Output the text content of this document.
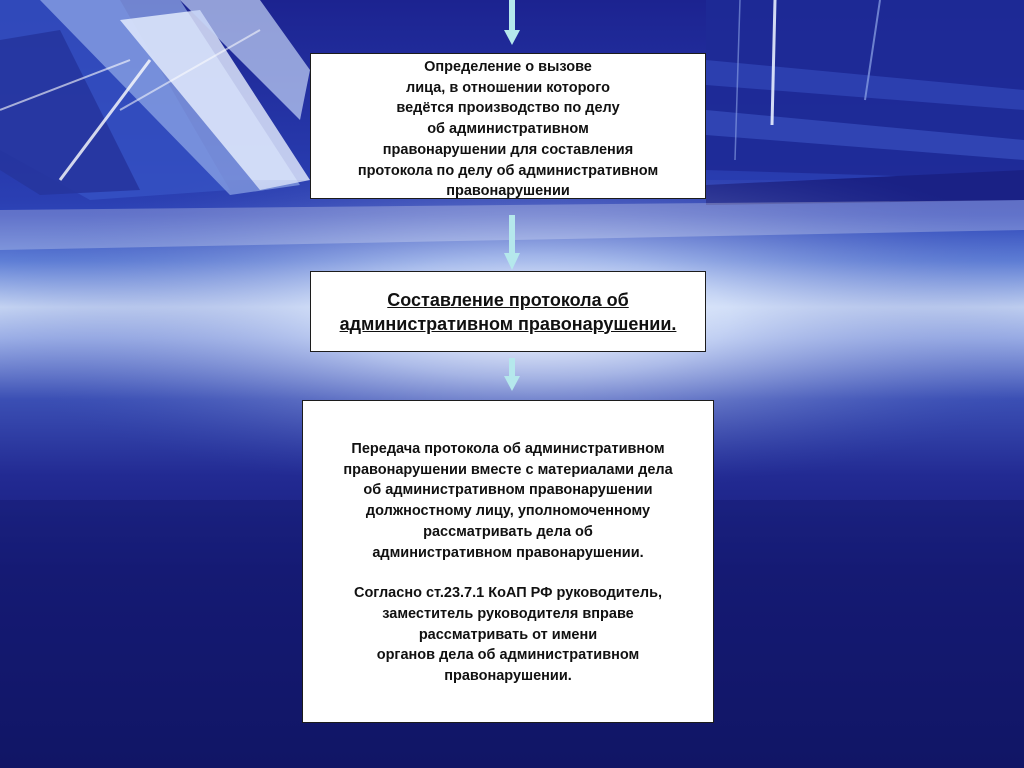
Определение о вызове
лица, в отношении которого
ведётся производство по делу
об административном
правонарушении для составления
протокола по делу об административном
правонарушении
Составление протокола об
административном правонарушении.
Передача протокола об административном
правонарушении вместе с материалами дела
об административном правонарушении
должностному лицу, уполномоченному
рассматривать дела об
административном правонарушении.
Согласно ст.23.7.1 КоАП РФ руководитель,
заместитель руководителя вправе
рассматривать от имени
органов дела об административном
правонарушении.
